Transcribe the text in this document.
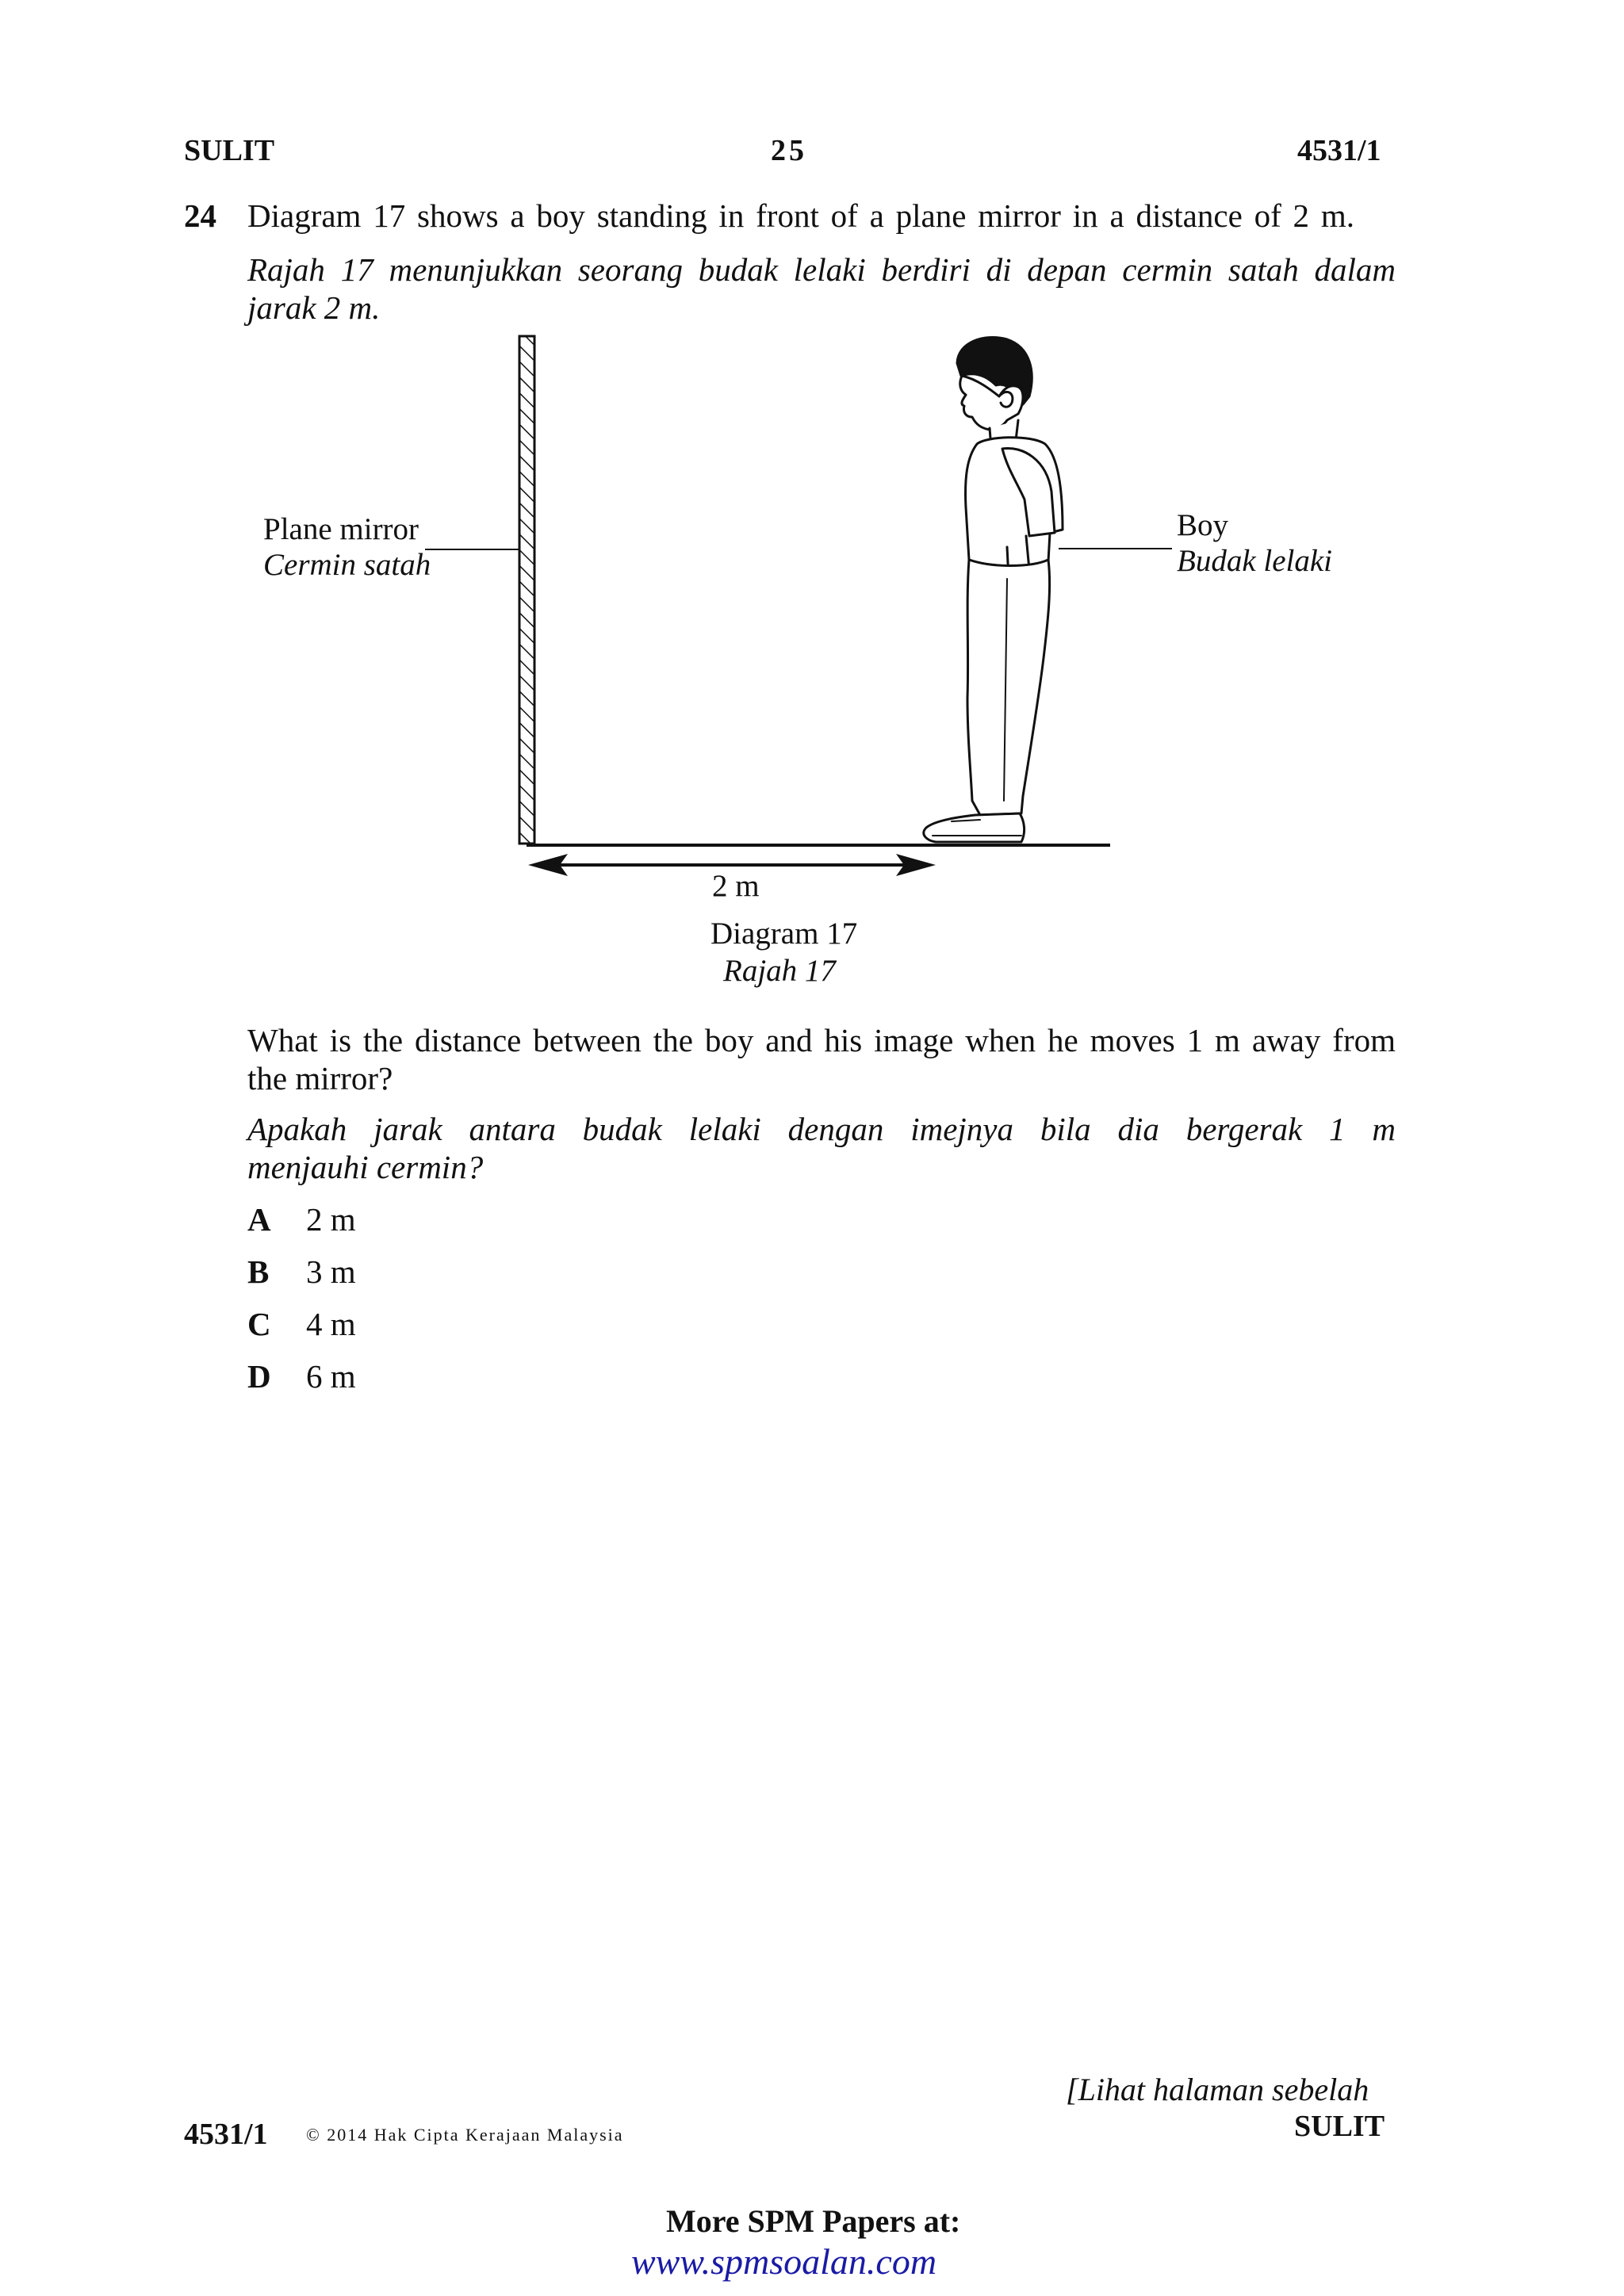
SULIT	25	4531/1
24 Diagram 17 shows a boy standing in front of a plane mirror in a distance of 2 m.
Rajah 17 menunjukkan seorang budak lelaki berdiri di depan cermin satah dalam
jarak 2 m.
Plane mirror
Cermin satah
Boy
Budak lelaki
2 m
Diagram 17
Rajah 17
What is the distance between the boy and his image when he moves 1 m away from
the mirror?
Apakah jarak antara budak lelaki dengan imejnya bila dia bergerak 1 m
menjauhi cermin?
A 2 m
B 3 m
C 4 m
D 6 m
[Lihat halaman sebelah
SULIT
4531/1 © 2014 Hak Cipta Kerajaan Malaysia
More SPM Papers at:
www.spmsoalan.com
